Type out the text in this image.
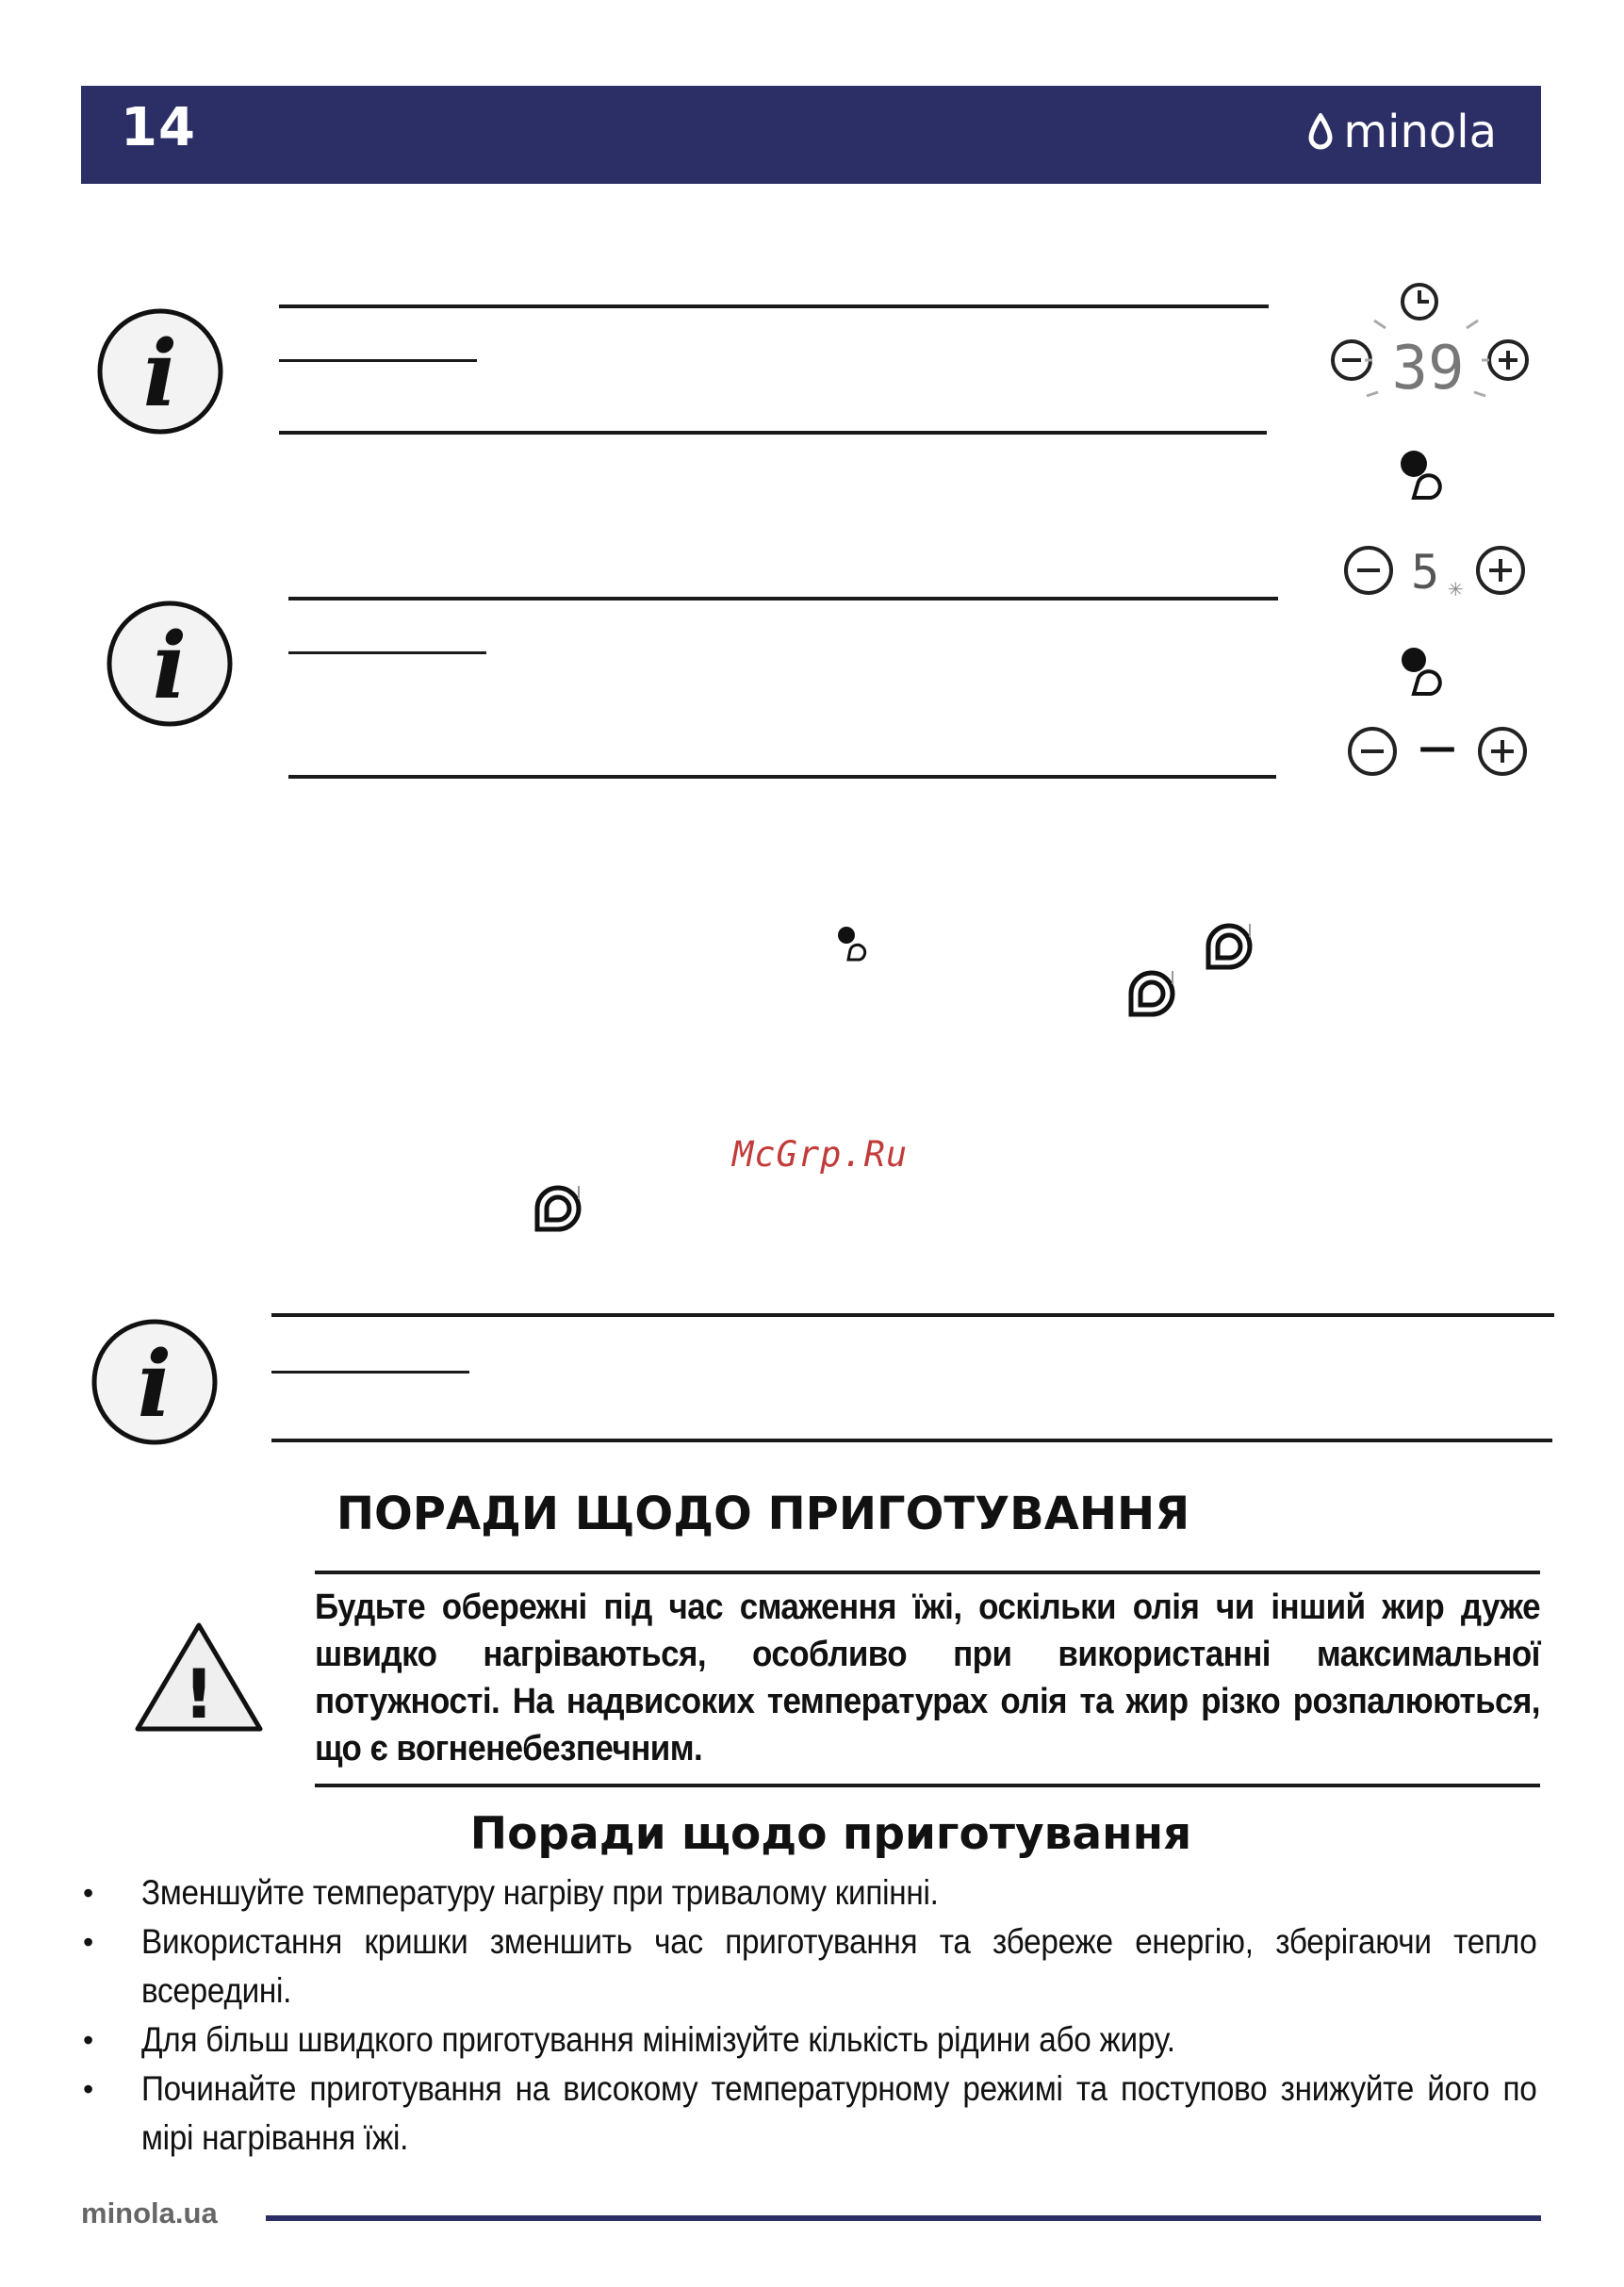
14	minola
i
i
39
5 ✳
—
McGrp.Ru
i
ПОРАДИ ЩОДО ПРИГОТУВАННЯ
!
Будьте обережні під час смаження їжі, оскільки олія чи інший жир дуже швидко нагріваються, особливо при використанні максимальної потужності. На надвисоких температурах олія та жир різко розпалюються, що є вогненебезпечним.
Поради щодо приготування
•	Зменшуйте температуру нагріву при тривалому кипінні.
•	Використання кришки зменшить час приготування та збереже енергію, зберігаючи тепло всередині.
•	Для більш швидкого приготування мінімізуйте кількість рідини або жиру.
•	Починайте приготування на високому температурному режимі та поступово знижуйте його по мірі нагрівання їжі.
minola.ua
